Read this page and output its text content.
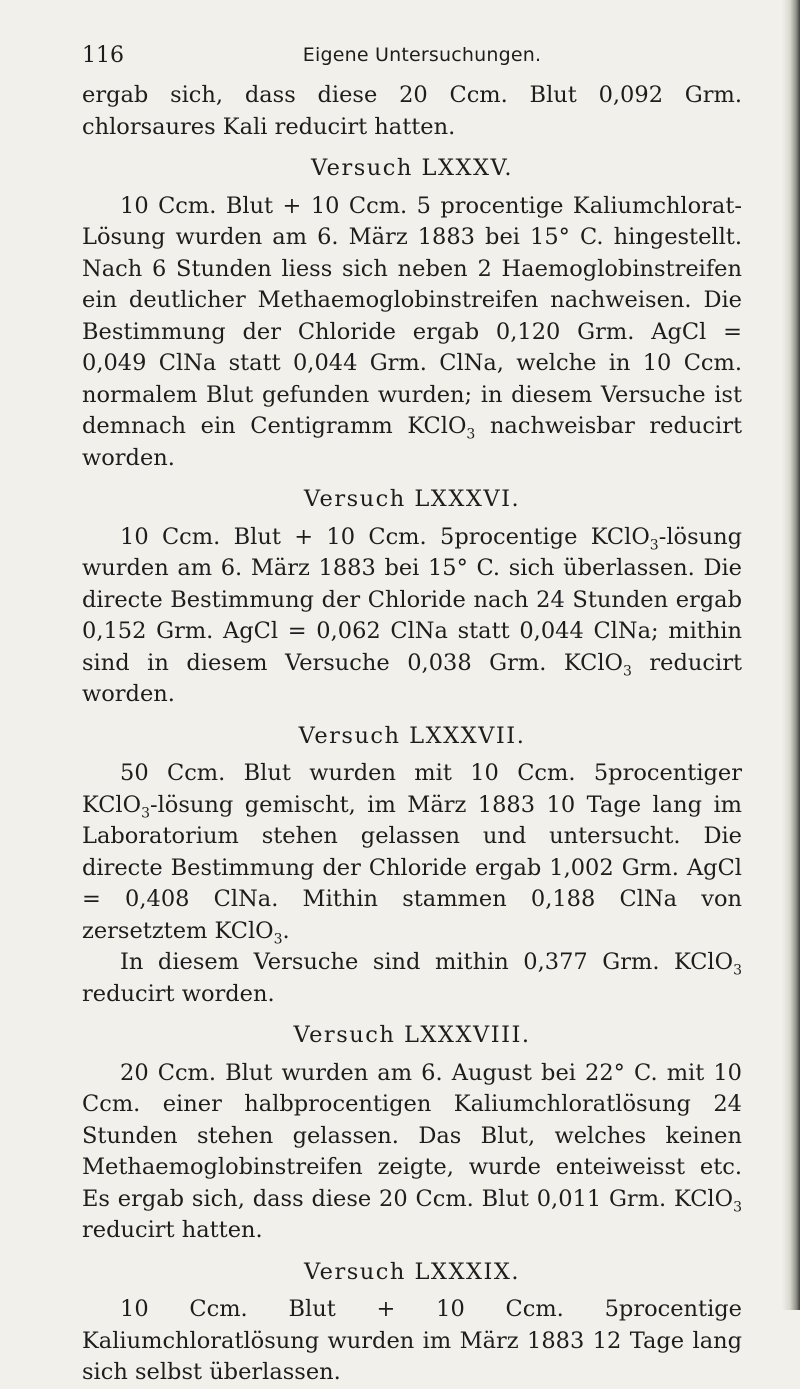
116	Eigene Untersuchungen.

ergab sich, dass diese 20 Ccm. Blut 0,092 Grm. chlorsaures Kali reducirt hatten.

Versuch LXXXV.

10 Ccm. Blut + 10 Ccm. 5 procentige Kaliumchlorat-Lösung wurden am 6. März 1883 bei 15° C. hingestellt. Nach 6 Stunden liess sich neben 2 Haemoglobinstreifen ein deutlicher Methaemoglobinstreifen nachweisen. Die Bestimmung der Chloride ergab 0,120 Grm. AgCl = 0,049 ClNa statt 0,044 Grm. ClNa, welche in 10 Ccm. normalem Blut gefunden wurden; in diesem Versuche ist demnach ein Centigramm KClO$_3$ nachweisbar reducirt worden.

Versuch LXXXVI.

10 Ccm. Blut + 10 Ccm. 5procentige KClO$_3$-lösung wurden am 6. März 1883 bei 15° C. sich überlassen. Die directe Bestimmung der Chloride nach 24 Stunden ergab 0,152 Grm. AgCl = 0,062 ClNa statt 0,044 ClNa; mithin sind in diesem Versuche 0,038 Grm. KClO$_3$ reducirt worden.

Versuch LXXXVII.

50 Ccm. Blut wurden mit 10 Ccm. 5procentiger KClO$_3$-lösung gemischt, im März 1883 10 Tage lang im Laboratorium stehen gelassen und untersucht. Die directe Bestimmung der Chloride ergab 1,002 Grm. AgCl = 0,408 ClNa. Mithin stammen 0,188 ClNa von zersetztem KClO$_3$.

In diesem Versuche sind mithin 0,377 Grm. KClO$_3$ reducirt worden.

Versuch LXXXVIII.

20 Ccm. Blut wurden am 6. August bei 22° C. mit 10 Ccm. einer halbprocentigen Kaliumchloratlösung 24 Stunden stehen gelassen. Das Blut, welches keinen Methaemoglobinstreifen zeigte, wurde enteiweisst etc. Es ergab sich, dass diese 20 Ccm. Blut 0,011 Grm. KClO$_3$ reducirt hatten.

Versuch LXXXIX.

10 Ccm. Blut + 10 Ccm. 5procentige Kaliumchloratlösung wurden im März 1883 12 Tage lang sich selbst überlassen.
